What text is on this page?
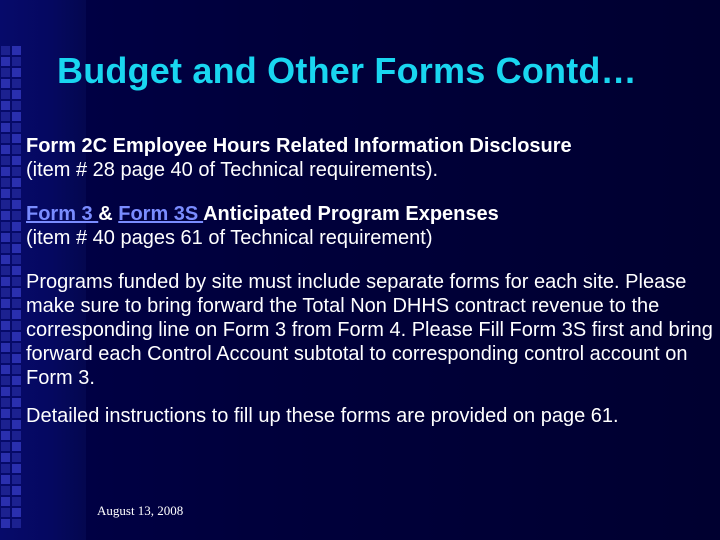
Budget and Other Forms Contd…

Form 2C Employee Hours Related Information Disclosure
(item # 28 page 40 of Technical requirements).

Form 3 & Form 3S Anticipated Program Expenses
(item # 40 pages 61 of Technical requirement)

Programs funded by site must include separate forms for each site. Please make sure to bring forward the Total Non DHHS contract revenue to the corresponding line on Form 3 from Form 4. Please Fill Form 3S first and bring forward each Control Account subtotal to corresponding control account on Form 3.

Detailed instructions to fill up these forms are provided on page 61.

August 13, 2008
